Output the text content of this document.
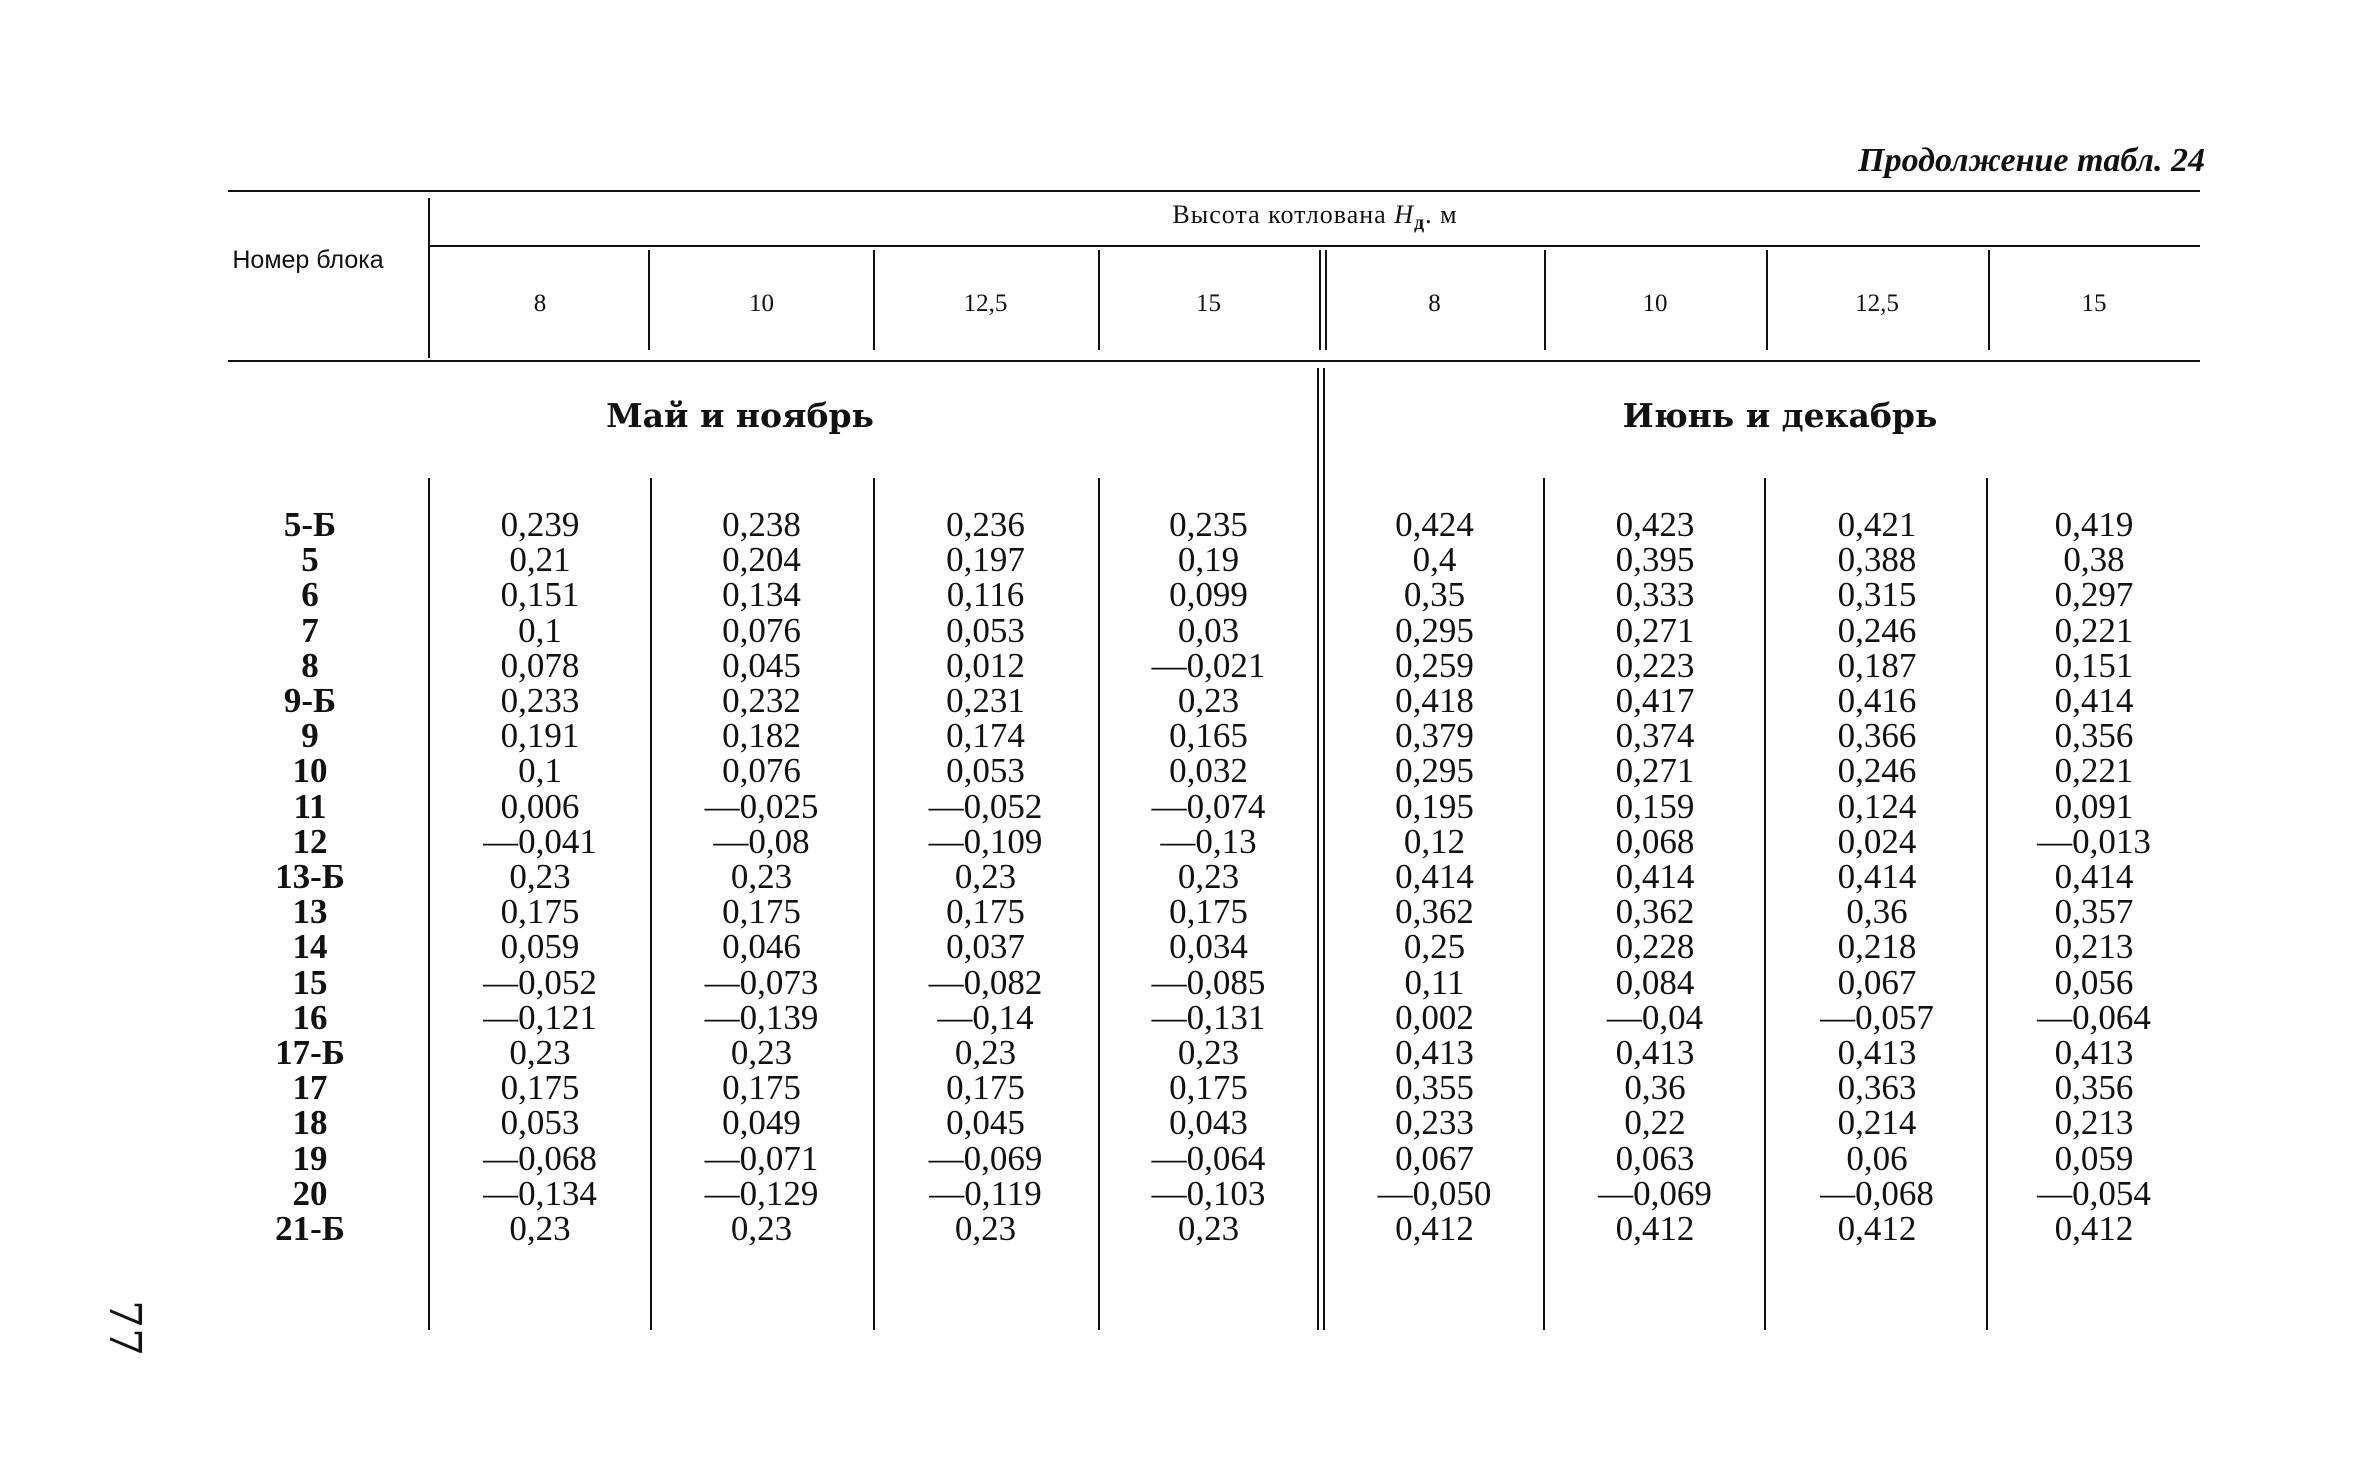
Продолжение табл. 24
Номер блока
Высота котлована $H_д$. м
8	10	12,5	15	8	10	12,5	15
Май и ноябрь	Июнь и декабрь
5-Б	0,239	0,238	0,236	0,235	0,424	0,423	0,421	0,419
5	0,21	0,204	0,197	0,19	0,4	0,395	0,388	0,38
6	0,151	0,134	0,116	0,099	0,35	0,333	0,315	0,297
7	0,1	0,076	0,053	0,03	0,295	0,271	0,246	0,221
8	0,078	0,045	0,012	—0,021	0,259	0,223	0,187	0,151
9-Б	0,233	0,232	0,231	0,23	0,418	0,417	0,416	0,414
9	0,191	0,182	0,174	0,165	0,379	0,374	0,366	0,356
10	0,1	0,076	0,053	0,032	0,295	0,271	0,246	0,221
11	0,006	—0,025	—0,052	—0,074	0,195	0,159	0,124	0,091
12	—0,041	—0,08	—0,109	—0,13	0,12	0,068	0,024	—0,013
13-Б	0,23	0,23	0,23	0,23	0,414	0,414	0,414	0,414
13	0,175	0,175	0,175	0,175	0,362	0,362	0,36	0,357
14	0,059	0,046	0,037	0,034	0,25	0,228	0,218	0,213
15	—0,052	—0,073	—0,082	—0,085	0,11	0,084	0,067	0,056
16	—0,121	—0,139	—0,14	—0,131	0,002	—0,04	—0,057	—0,064
17-Б	0,23	0,23	0,23	0,23	0,413	0,413	0,413	0,413
17	0,175	0,175	0,175	0,175	0,355	0,36	0,363	0,356
18	0,053	0,049	0,045	0,043	0,233	0,22	0,214	0,213
19	—0,068	—0,071	—0,069	—0,064	0,067	0,063	0,06	0,059
20	—0,134	—0,129	—0,119	—0,103	—0,050	—0,069	—0,068	—0,054
21-Б	0,23	0,23	0,23	0,23	0,412	0,412	0,412	0,412
77
